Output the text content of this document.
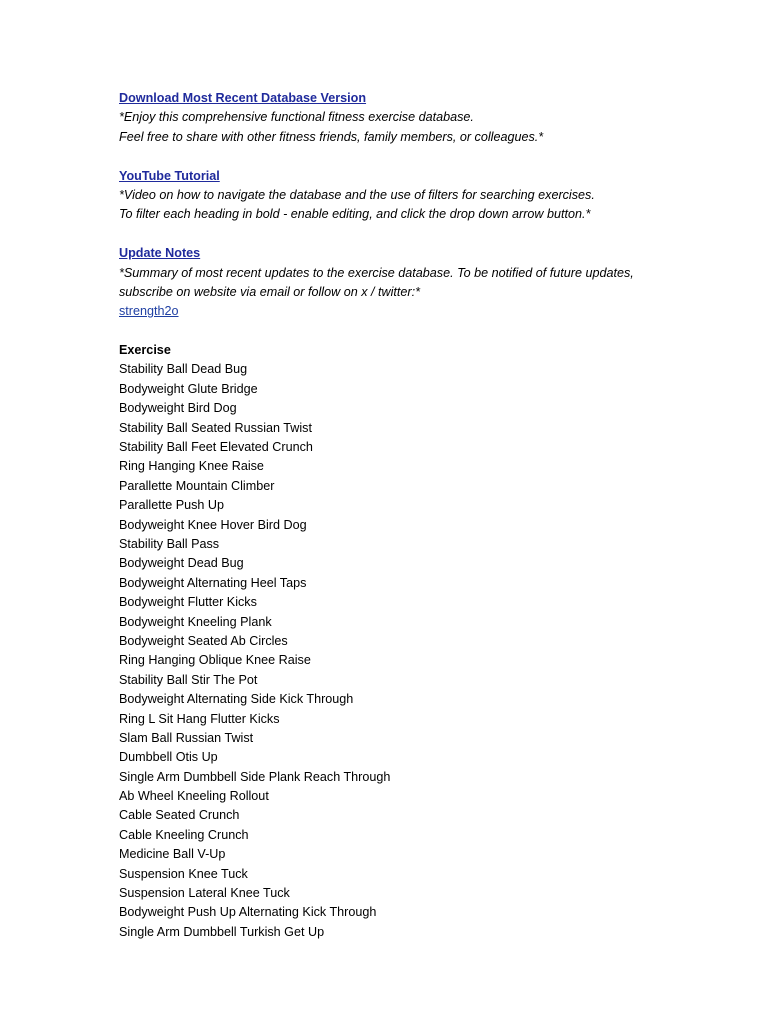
Download Most Recent Database Version
*Enjoy this comprehensive functional fitness exercise database.
Feel free to share with other fitness friends, family members, or colleagues.*
YouTube Tutorial
*Video on how to navigate the database and the use of filters for searching exercises.
To filter each heading in bold - enable editing, and click the drop down arrow button.*
Update Notes
*Summary of most recent updates to the exercise database. To be notified of future updates,
subscribe on website via email or follow on x / twitter:*
strength2o
Exercise
Stability Ball Dead Bug
Bodyweight Glute Bridge
Bodyweight Bird Dog
Stability Ball Seated Russian Twist
Stability Ball Feet Elevated Crunch
Ring Hanging Knee Raise
Parallette Mountain Climber
Parallette Push Up
Bodyweight Knee Hover Bird Dog
Stability Ball Pass
Bodyweight Dead Bug
Bodyweight Alternating Heel Taps
Bodyweight Flutter Kicks
Bodyweight Kneeling Plank
Bodyweight Seated Ab Circles
Ring Hanging Oblique Knee Raise
Stability Ball Stir The Pot
Bodyweight Alternating Side Kick Through
Ring L Sit Hang Flutter Kicks
Slam Ball Russian Twist
Dumbbell Otis Up
Single Arm Dumbbell Side Plank Reach Through
Ab Wheel Kneeling Rollout
Cable Seated Crunch
Cable Kneeling Crunch
Medicine Ball V-Up
Suspension Knee Tuck
Suspension Lateral Knee Tuck
Bodyweight Push Up Alternating Kick Through
Single Arm Dumbbell Turkish Get Up
